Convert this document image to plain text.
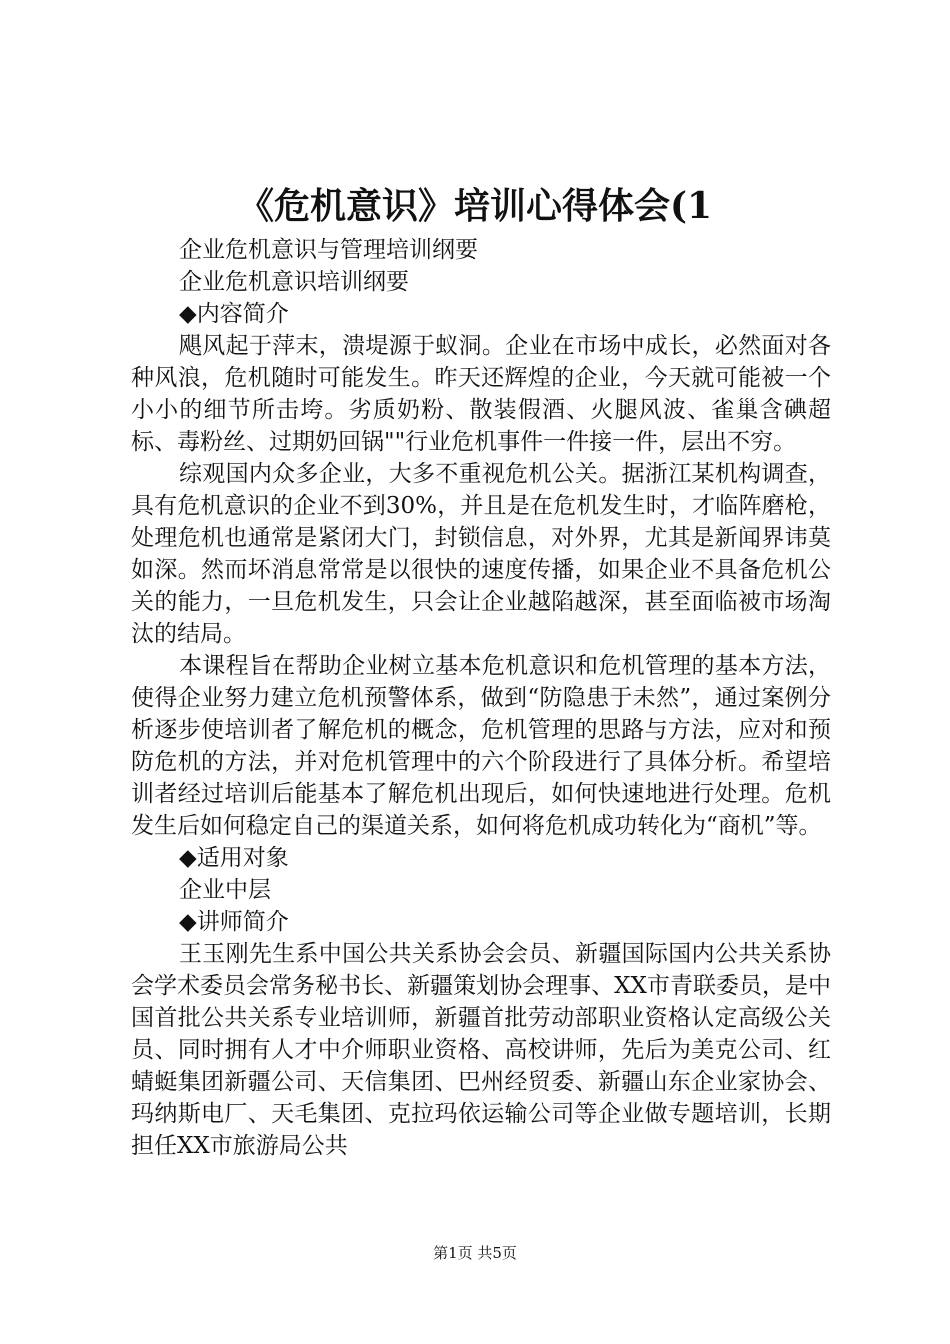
《危机意识》培训心得体会(1

企业危机意识与管理培训纲要

企业危机意识培训纲要

◆内容简介

飓风起于萍末，溃堤源于蚁洞。企业在市场中成长，必然面对各种风浪，危机随时可能发生。昨天还辉煌的企业，今天就可能被一个小小的细节所击垮。劣质奶粉、散装假酒、火腿风波、雀巢含碘超标、毒粉丝、过期奶回锅""行业危机事件一件接一件，层出不穷。

综观国内众多企业，大多不重视危机公关。据浙江某机构调查，具有危机意识的企业不到30%，并且是在危机发生时，才临阵磨枪，处理危机也通常是紧闭大门，封锁信息，对外界，尤其是新闻界讳莫如深。然而坏消息常常是以很快的速度传播，如果企业不具备危机公关的能力，一旦危机发生，只会让企业越陷越深，甚至面临被市场淘汰的结局。

本课程旨在帮助企业树立基本危机意识和危机管理的基本方法，使得企业努力建立危机预警体系，做到“防隐患于未然”，通过案例分析逐步使培训者了解危机的概念，危机管理的思路与方法，应对和预防危机的方法，并对危机管理中的六个阶段进行了具体分析。希望培训者经过培训后能基本了解危机出现后，如何快速地进行处理。危机发生后如何稳定自己的渠道关系，如何将危机成功转化为“商机”等。

◆适用对象

企业中层

◆讲师简介

王玉刚先生系中国公共关系协会会员、新疆国际国内公共关系协会学术委员会常务秘书长、新疆策划协会理事、XX市青联委员，是中国首批公共关系专业培训师，新疆首批劳动部职业资格认定高级公关员、同时拥有人才中介师职业资格、高校讲师，先后为美克公司、红蜻蜓集团新疆公司、天信集团、巴州经贸委、新疆山东企业家协会、玛纳斯电厂、天毛集团、克拉玛依运输公司等企业做专题培训，长期担任XX市旅游局公共

第1页 共5页
